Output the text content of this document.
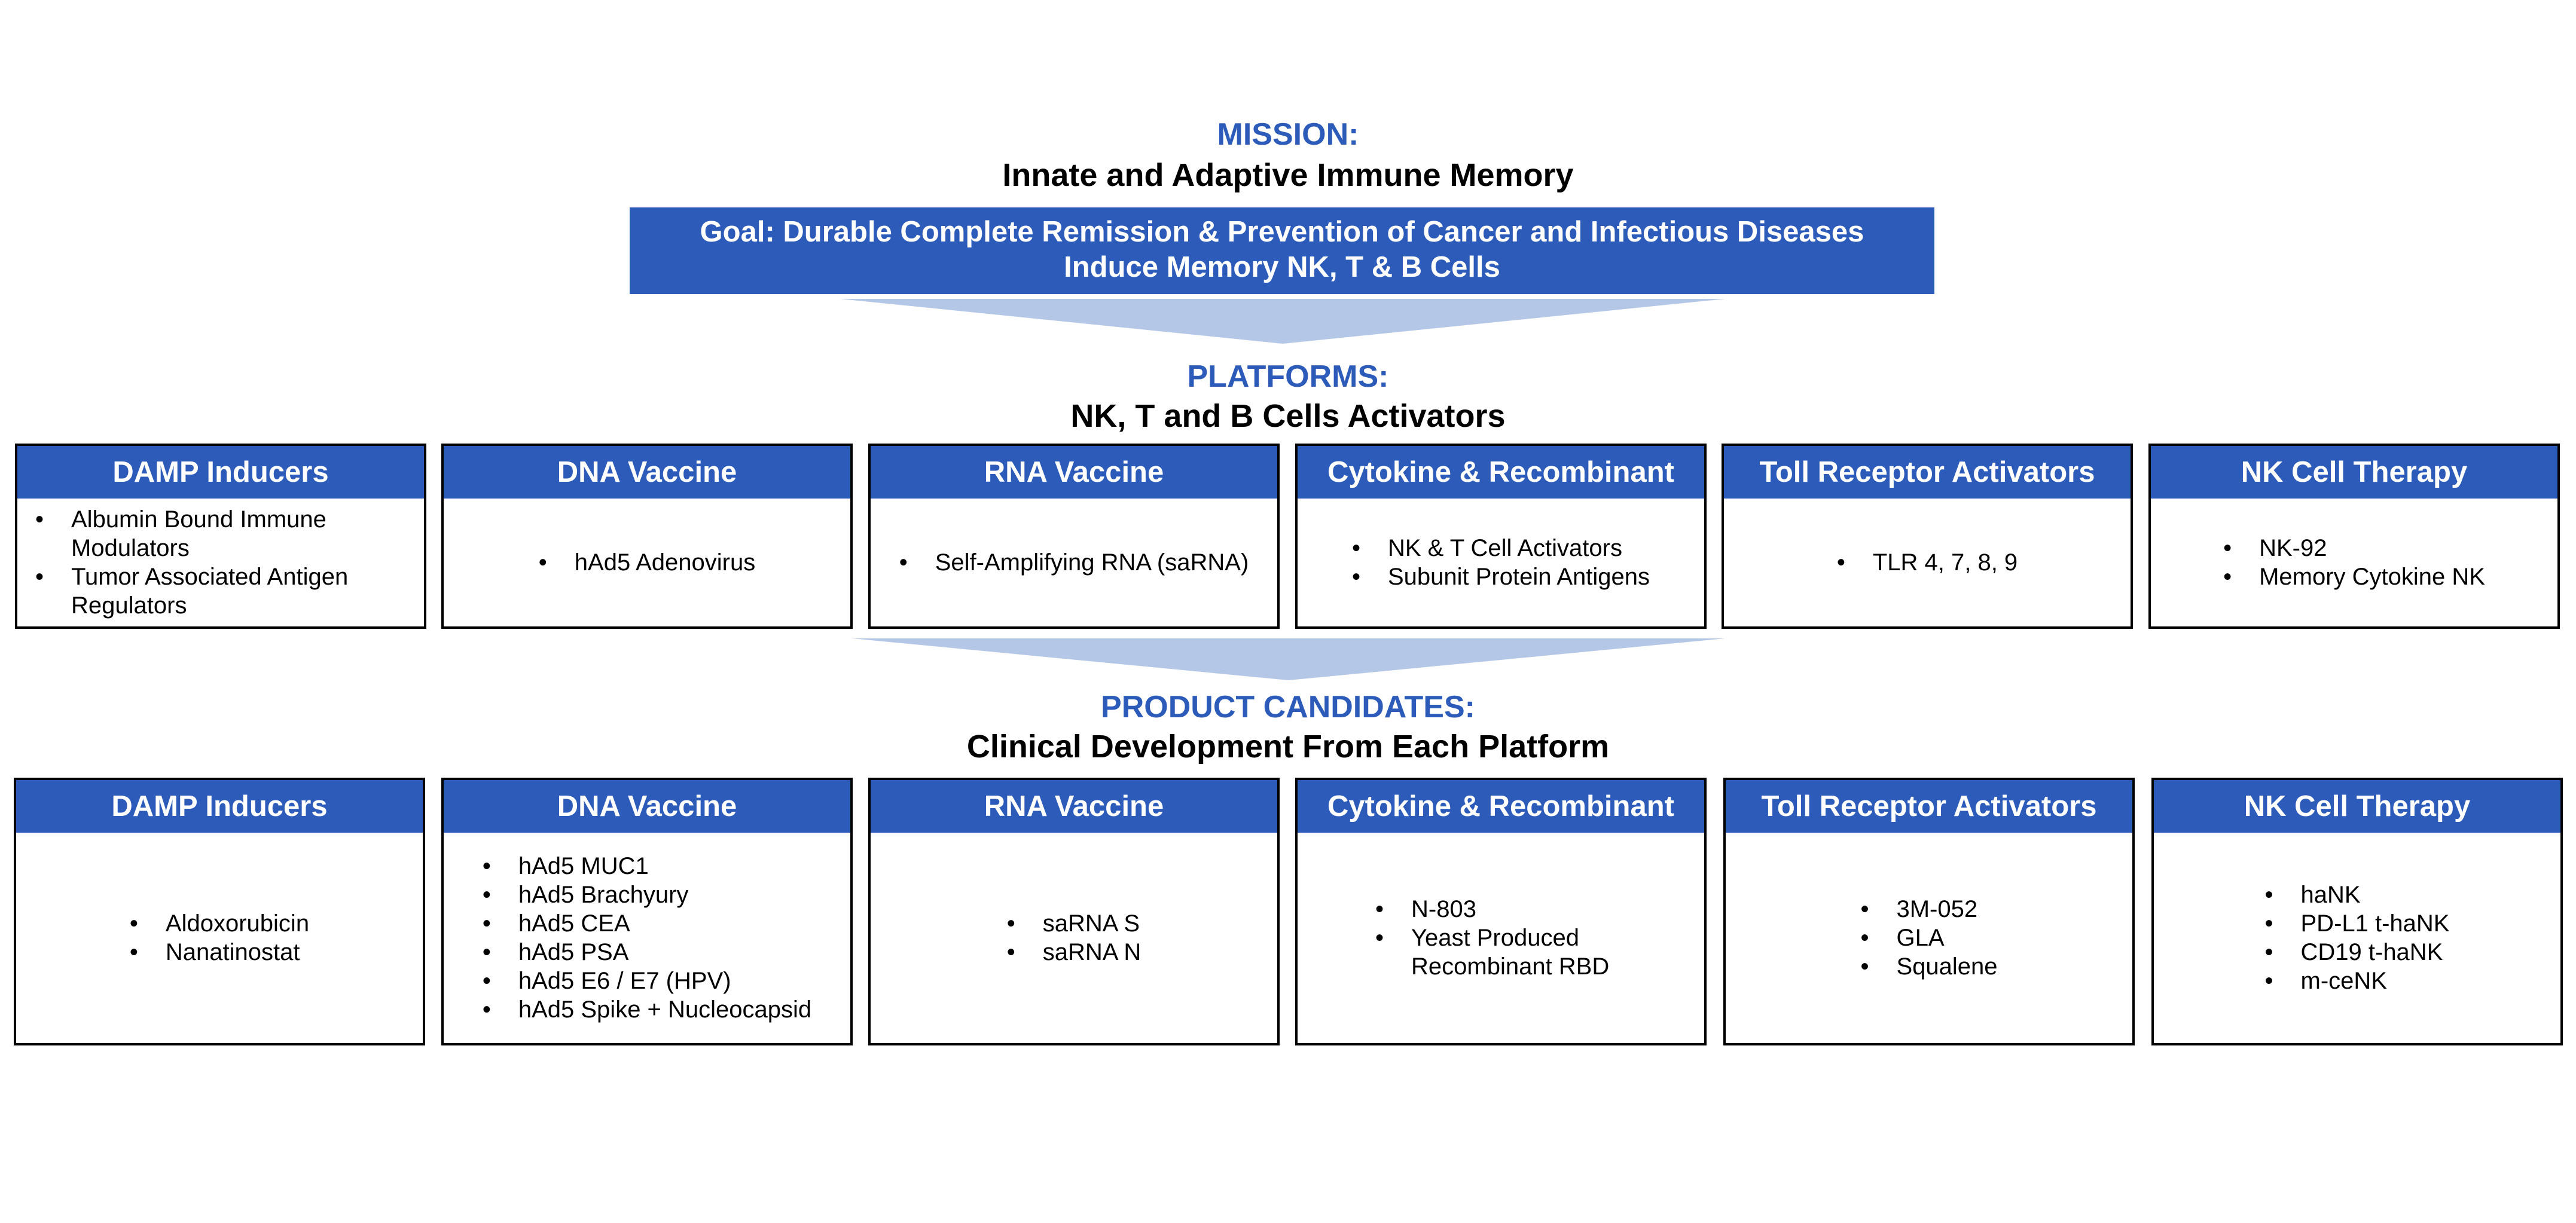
MISSION:
Innate and Adaptive Immune Memory
Goal: Durable Complete Remission & Prevention of Cancer and Infectious Diseases
Induce Memory NK, T & B Cells
PLATFORMS:
NK, T and B Cells Activators
DAMP Inducers
• Albumin Bound Immune Modulators
• Tumor Associated Antigen Regulators
DNA Vaccine
• hAd5 Adenovirus
RNA Vaccine
• Self-Amplifying RNA (saRNA)
Cytokine & Recombinant
• NK & T Cell Activators
• Subunit Protein Antigens
Toll Receptor Activators
• TLR 4, 7, 8, 9
NK Cell Therapy
• NK-92
• Memory Cytokine NK
PRODUCT CANDIDATES:
Clinical Development From Each Platform
DAMP Inducers
• Aldoxorubicin
• Nanatinostat
DNA Vaccine
• hAd5 MUC1
• hAd5 Brachyury
• hAd5 CEA
• hAd5 PSA
• hAd5 E6 / E7 (HPV)
• hAd5 Spike + Nucleocapsid
RNA Vaccine
• saRNA S
• saRNA N
Cytokine & Recombinant
• N-803
• Yeast Produced Recombinant RBD
Toll Receptor Activators
• 3M-052
• GLA
• Squalene
NK Cell Therapy
• haNK
• PD-L1 t-haNK
• CD19 t-haNK
• m-ceNK
